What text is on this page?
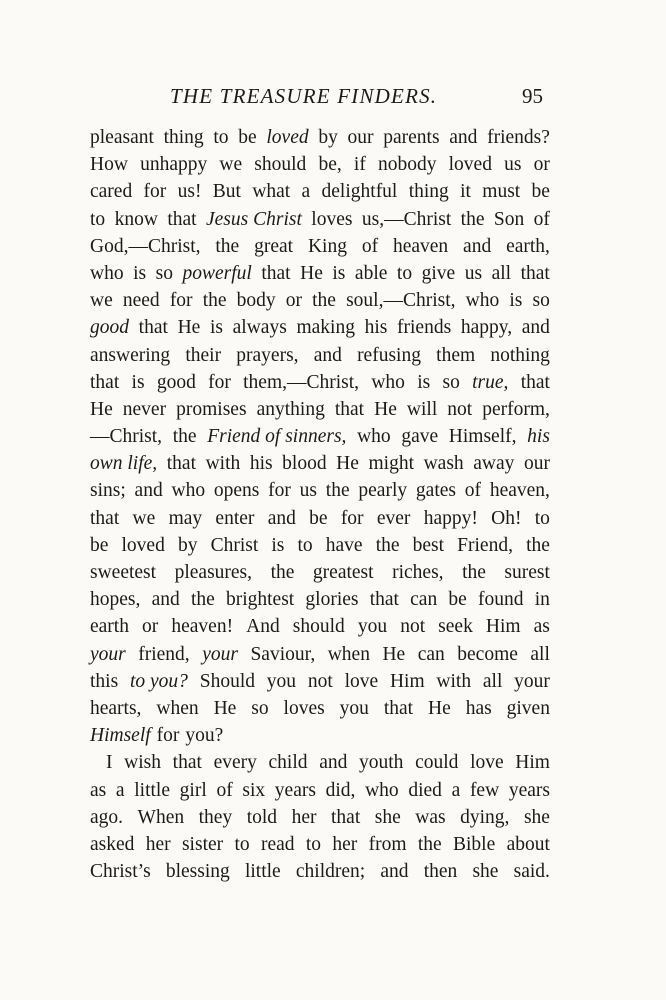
THE TREASURE FINDERS.	95
pleasant thing to be loved by our parents and friends?
How unhappy we should be, if nobody loved us or
cared for us! But what a delightful thing it must be
to know that Jesus Christ loves us,—Christ the Son of
God,—Christ, the great King of heaven and earth,
who is so powerful that He is able to give us all that
we need for the body or the soul,—Christ, who is so
good that He is always making his friends happy, and
answering their prayers, and refusing them nothing
that is good for them,—Christ, who is so true, that
He never promises anything that He will not perform,
—Christ, the Friend of sinners, who gave Himself, his
own life, that with his blood He might wash away our
sins; and who opens for us the pearly gates of heaven,
that we may enter and be for ever happy! Oh! to
be loved by Christ is to have the best Friend, the
sweetest pleasures, the greatest riches, the surest
hopes, and the brightest glories that can be found in
earth or heaven! And should you not seek Him as
your friend, your Saviour, when He can become all
this to you? Should you not love Him with all your
hearts, when He so loves you that He has given
Himself for you?
I wish that every child and youth could love Him
as a little girl of six years did, who died a few years
ago. When they told her that she was dying, she
asked her sister to read to her from the Bible about
Christ’s blessing little children; and then she said.
